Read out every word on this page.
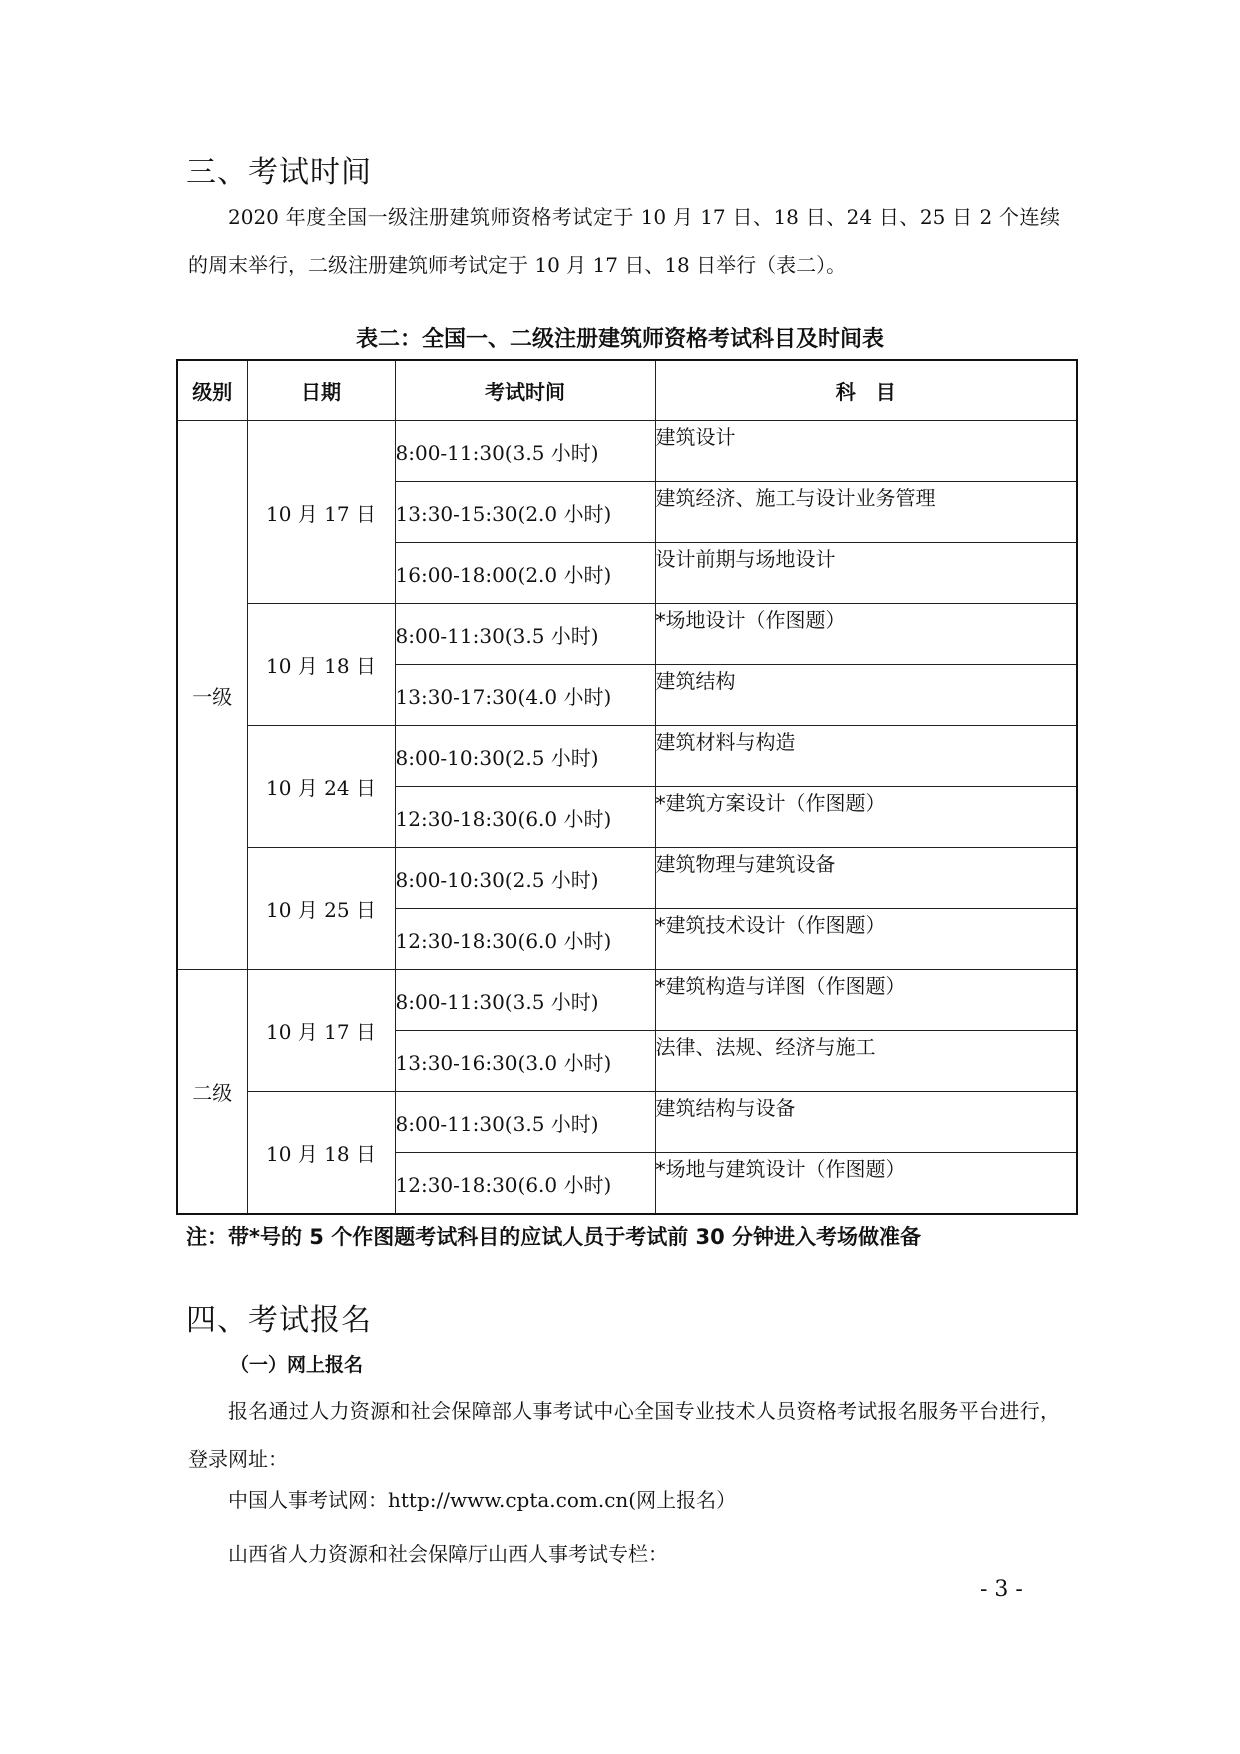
三、考试时间

2020 年度全国一级注册建筑师资格考试定于 10 月 17 日、18 日、24 日、25 日 2 个连续的周末举行，二级注册建筑师考试定于 10 月 17 日、18 日举行（表二）。

表二：全国一、二级注册建筑师资格考试科目及时间表

级别	日期	考试时间	科　目
一级	10 月 17 日	8:00-11:30(3.5 小时)	建筑设计
		13:30-15:30(2.0 小时)	建筑经济、施工与设计业务管理
		16:00-18:00(2.0 小时)	设计前期与场地设计
	10 月 18 日	8:00-11:30(3.5 小时)	*场地设计（作图题）
		13:30-17:30(4.0 小时)	建筑结构
	10 月 24 日	8:00-10:30(2.5 小时)	建筑材料与构造
		12:30-18:30(6.0 小时)	*建筑方案设计（作图题）
	10 月 25 日	8:00-10:30(2.5 小时)	建筑物理与建筑设备
		12:30-18:30(6.0 小时)	*建筑技术设计（作图题）
二级	10 月 17 日	8:00-11:30(3.5 小时)	*建筑构造与详图（作图题）
		13:30-16:30(3.0 小时)	法律、法规、经济与施工
	10 月 18 日	8:00-11:30(3.5 小时)	建筑结构与设备
		12:30-18:30(6.0 小时)	*场地与建筑设计（作图题）

注：带*号的 5 个作图题考试科目的应试人员于考试前 30 分钟进入考场做准备

四、考试报名

（一）网上报名

报名通过人力资源和社会保障部人事考试中心全国专业技术人员资格考试报名服务平台进行，登录网址：

中国人事考试网：http://www.cpta.com.cn(网上报名）

山西省人力资源和社会保障厅山西人事考试专栏：

- 3 -
